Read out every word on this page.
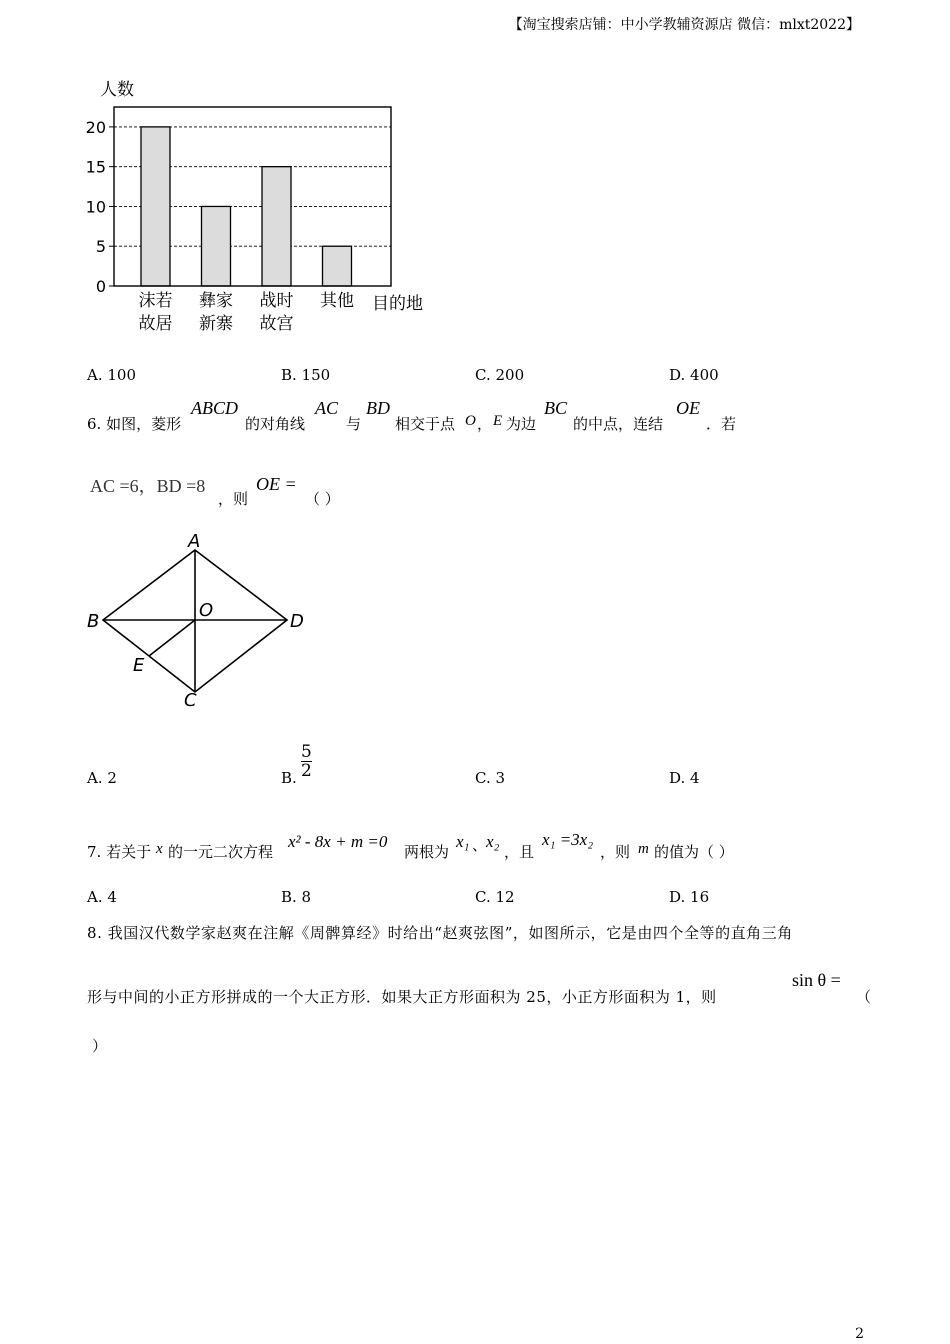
【淘宝搜索店铺：中小学教辅资源店 微信：mlxt2022】
0
5
10
15
20
沫若
故居
彝家
新寨
战时
故宫
其他
人数
目的地
A. 100	B. 150	C. 200	D. 400
6. 如图，菱形
ABCD
的对角线
AC
与
BD
相交于点 O ， E 为边
BC
的中点，连结
OE
．若
AC =6，BD =8
，则
OE =
（ ）
A
B
C
D
O
E
A. 2	B. $\frac{5}{2}$	C. 3	D. 4
7. 若关于 x 的一元二次方程
x² - 8x + m =0
两根为
x₁ 、
x₂
，且
x₁ =3x₂
，则 m 的值为（ ）
A. 4	B. 8	C. 12	D. 16
8. 我国汉代数学家赵爽在注解《周髀算经》时给出“赵爽弦图”，如图所示，它是由四个全等的直角三角
形与中间的小正方形拼成的一个大正方形．如果大正方形面积为 25，小正方形面积为 1，则
sin θ =
（
）
2
